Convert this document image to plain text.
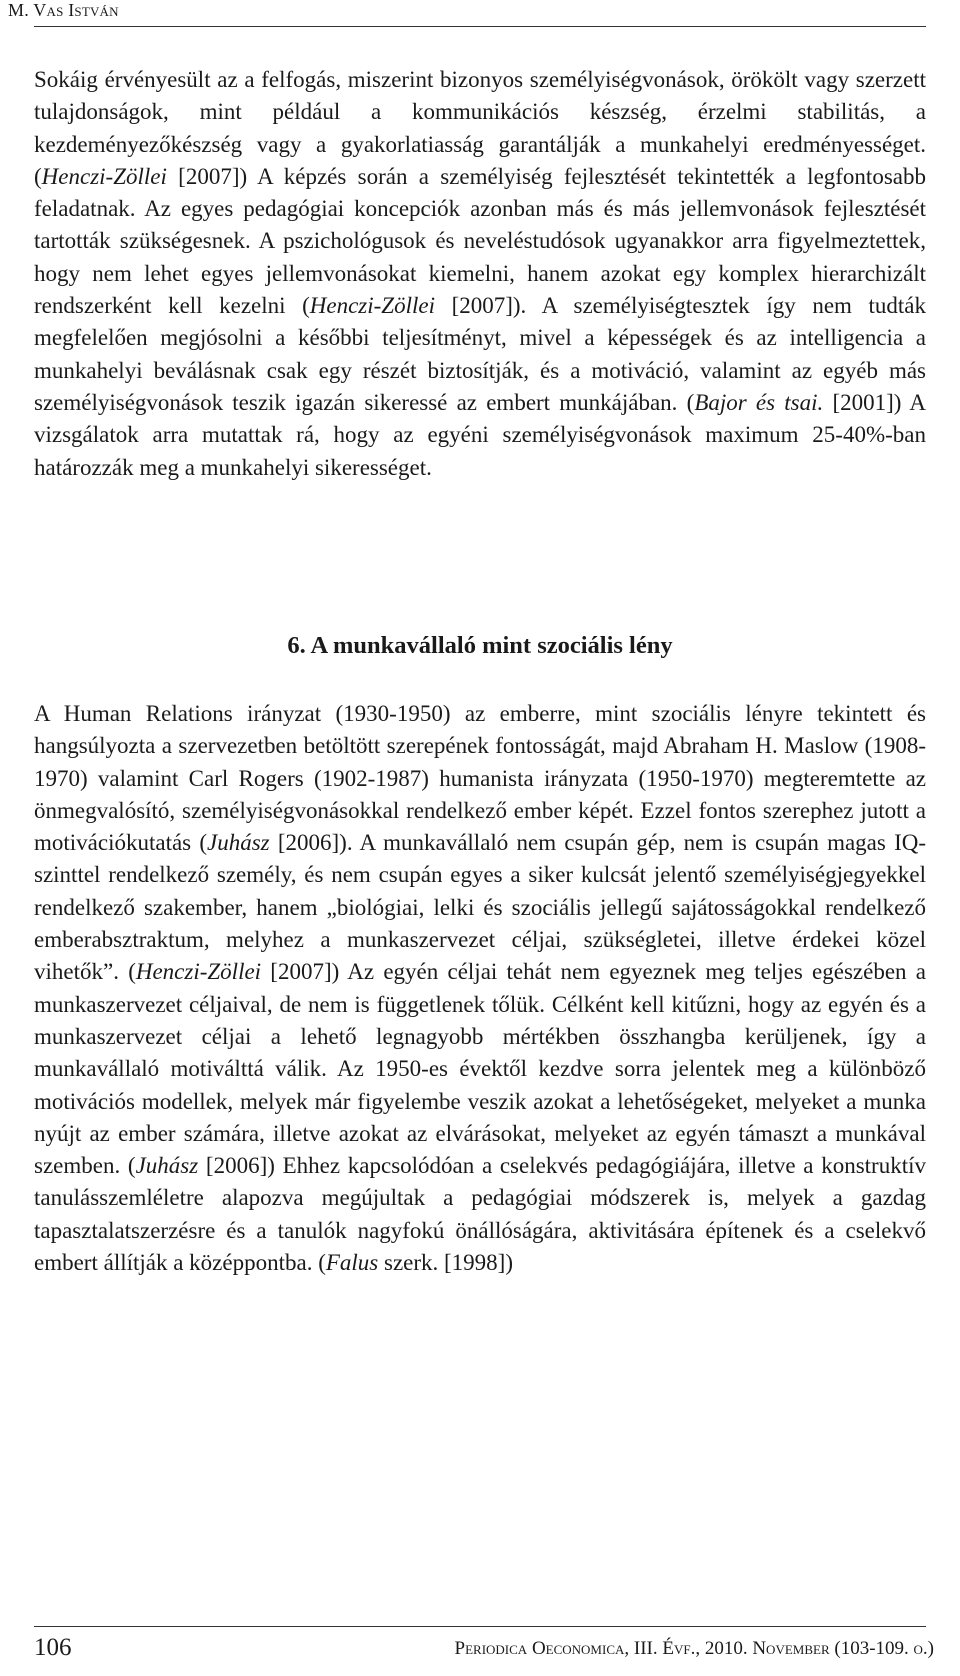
M. Vas István

Sokáig érvényesült az a felfogás, miszerint bizonyos személyiségvonások, örökölt vagy szerzett tulajdonságok, mint például a kommunikációs készség, érzelmi stabilitás, a kezdeményezőkészség vagy a gyakorlatiasság garantálják a munkahelyi eredményességet. (Henczi-Zöllei [2007]) A képzés során a személyiség fejlesztését tekintették a legfontosabb feladatnak. Az egyes pedagógiai koncepciók azonban más és más jellemvonások fejlesztését tartották szükségesnek. A pszichológusok és neveléstudósok ugyanakkor arra figyelmeztettek, hogy nem lehet egyes jellemvonásokat kiemelni, hanem azokat egy komplex hierarchizált rendszerként kell kezelni (Henczi-Zöllei [2007]). A személyiségtesztek így nem tudták megfelelően megjósolni a későbbi teljesítményt, mivel a képességek és az intelligencia a munkahelyi beválásnak csak egy részét biztosítják, és a motiváció, valamint az egyéb más személyiségvonások teszik igazán sikeressé az embert munkájában. (Bajor és tsai. [2001]) A vizsgálatok arra mutattak rá, hogy az egyéni személyiségvonások maximum 25-40%-ban határozzák meg a munkahelyi sikerességet.

6. A munkavállaló mint szociális lény

A Human Relations irányzat (1930-1950) az emberre, mint szociális lényre tekintett és hangsúlyozta a szervezetben betöltött szerepének fontosságát, majd Abraham H. Maslow (1908-1970) valamint Carl Rogers (1902-1987) humanista irányzata (1950-1970) megteremtette az önmegvalósító, személyiségvonásokkal rendelkező ember képét. Ezzel fontos szerephez jutott a motivációkutatás (Juhász [2006]). A munkavállaló nem csupán gép, nem is csupán magas IQ-szinttel rendelkező személy, és nem csupán egyes a siker kulcsát jelentő személyiségjegyekkel rendelkező szakember, hanem „biológiai, lelki és szociális jellegű sajátosságokkal rendelkező emberabsztraktum, melyhez a munkaszervezet céljai, szükségletei, illetve érdekei közel vihetők”. (Henczi-Zöllei [2007]) Az egyén céljai tehát nem egyeznek meg teljes egészében a munkaszervezet céljaival, de nem is függetlenek tőlük. Célként kell kitűzni, hogy az egyén és a munkaszervezet céljai a lehető legnagyobb mértékben összhangba kerüljenek, így a munkavállaló motiválttá válik. Az 1950-es évektől kezdve sorra jelentek meg a különböző motivációs modellek, melyek már figyelembe veszik azokat a lehetőségeket, melyeket a munka nyújt az ember számára, illetve azokat az elvárásokat, melyeket az egyén támaszt a munkával szemben. (Juhász [2006]) Ehhez kapcsolódóan a cselekvés pedagógiájára, illetve a konstruktív tanulásszemléletre alapozva megújultak a pedagógiai módszerek is, melyek a gazdag tapasztalatszerzésre és a tanulók nagyfokú önállóságára, aktivitására építenek és a cselekvő embert állítják a középpontba. (Falus szerk. [1998])

106	Periodica Oeconomica, III. Évf., 2010. November (103-109. o.)
